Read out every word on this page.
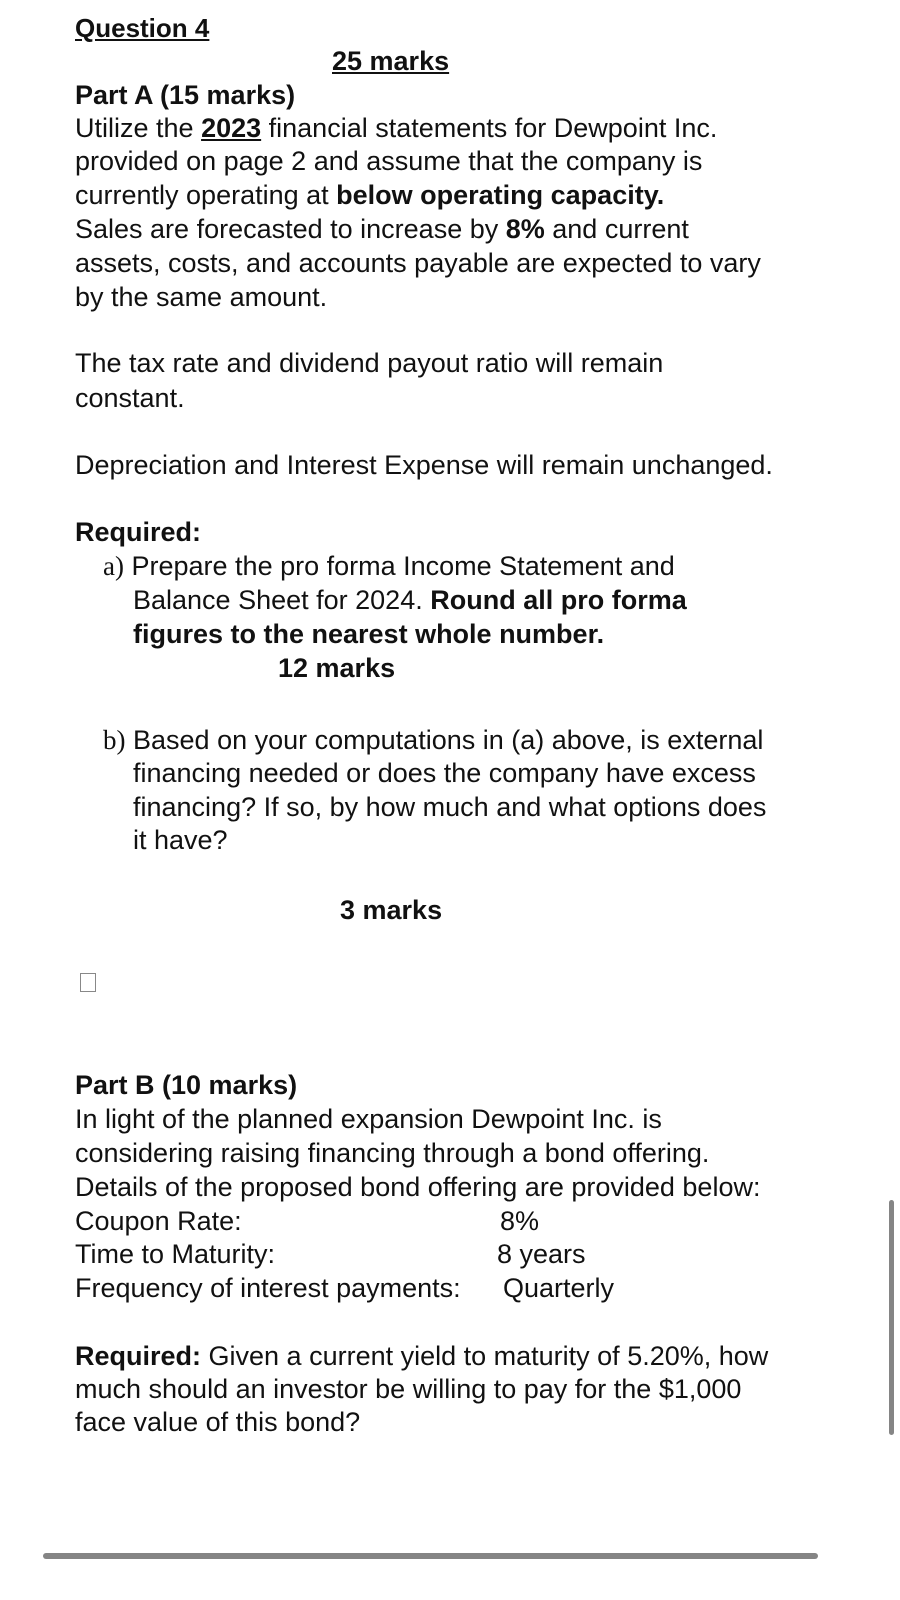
Question 4
25 marks
Part A (15 marks)
Utilize the 2023 financial statements for Dewpoint Inc.
provided on page 2 and assume that the company is
currently operating at below operating capacity.
Sales are forecasted to increase by 8% and current
assets, costs, and accounts payable are expected to vary
by the same amount.
The tax rate and dividend payout ratio will remain
constant.
Depreciation and Interest Expense will remain unchanged.
Required:
a) Prepare the pro forma Income Statement and
Balance Sheet for 2024. Round all pro forma
figures to the nearest whole number.
12 marks
b) Based on your computations in (a) above, is external
financing needed or does the company have excess
financing? If so, by how much and what options does
it have?
3 marks
Part B (10 marks)
In light of the planned expansion Dewpoint Inc. is
considering raising financing through a bond offering.
Details of the proposed bond offering are provided below:
Coupon Rate:	8%
Time to Maturity:	8 years
Frequency of interest payments: Quarterly
Required: Given a current yield to maturity of 5.20%, how
much should an investor be willing to pay for the $1,000
face value of this bond?
